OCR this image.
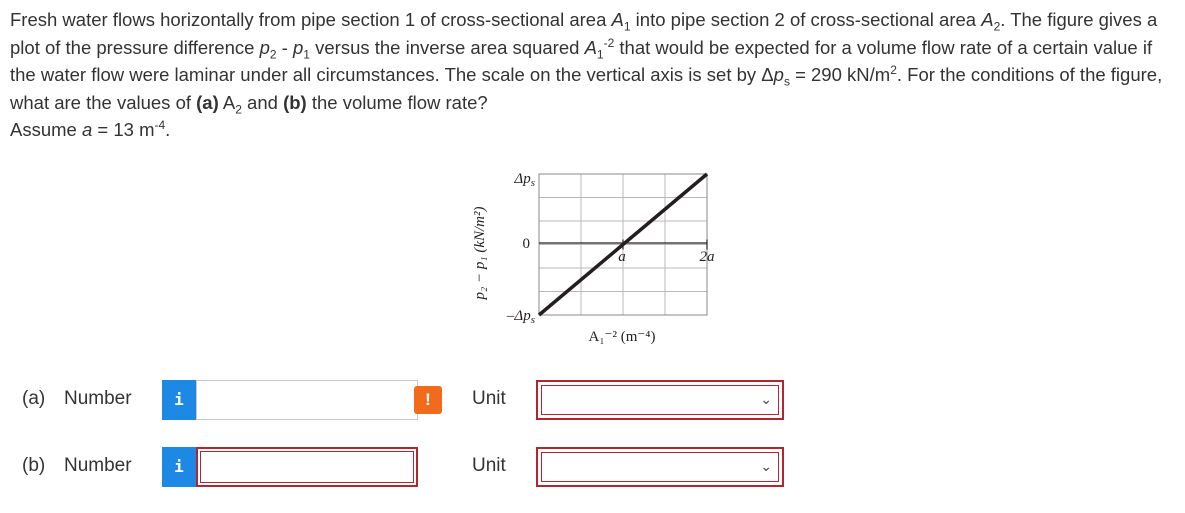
Fresh water flows horizontally from pipe section 1 of cross-sectional area $A_1$ into pipe section 2 of cross-sectional area $A_2$. The figure gives a plot of the pressure difference $p_2 - p_1$ versus the inverse area squared $A_1^{-2}$ that would be expected for a volume flow rate of a certain value if the water flow were laminar under all circumstances. The scale on the vertical axis is set by $\Delta p_s = 290$ $kN/m^2$. For the conditions of the figure, what are the values of (a) $A_2$ and (b) the volume flow rate?

Assume a = 13 $m^{-4}$.

$\Delta p_s$
0
$-\Delta p_s$
a	2a
A₁⁻² (m⁻⁴)
p₂ − p₁ (kN/m²)
(a) Number	i	!	Unit	⌄
(b) Number	i	Unit	⌄
